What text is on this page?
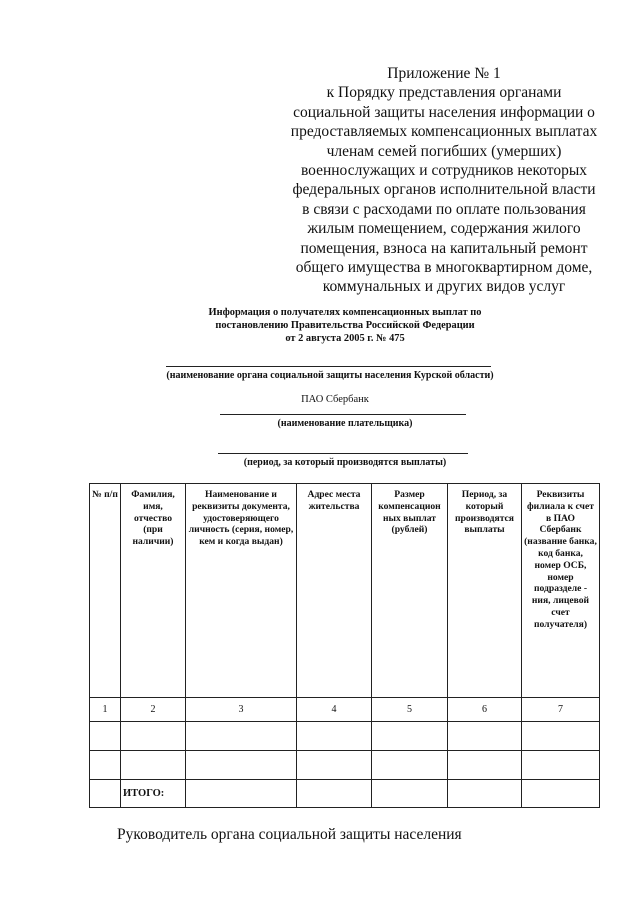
Приложение № 1
к Порядку представления органами
социальной защиты населения информации о
предоставляемых компенсационных выплатах
членам семей погибших (умерших)
военнослужащих и сотрудников некоторых
федеральных органов исполнительной власти
в связи с расходами по оплате пользования
жилым помещением, содержания жилого
помещения, взноса на капитальный ремонт
общего имущества в многоквартирном доме,
коммунальных и других видов услуг
Информация о получателях компенсационных выплат по
постановлению Правительства Российской Федерации
от 2 августа 2005 г. № 475
(наименование органа социальной защиты населения Курской области)
ПАО Сбербанк
(наименование плательщика)
(период, за который производятся выплаты)
№ п/п	Фамилия, имя, отчество (при наличии)	Наименование и реквизиты документа, удостоверяющего личность (серия, номер, кем и когда выдан)	Адрес места жительства	Размер компенсацион ных выплат (рублей)	Период, за который производятся выплаты	Реквизиты филиала к счет в ПАО Сбербанк (название банка, код банка, номер ОСБ, номер подразделе - ния, лицевой счет получателя)
1	2	3	4	5	6	7

	ИТОГО:					
Руководитель органа социальной защиты населения
